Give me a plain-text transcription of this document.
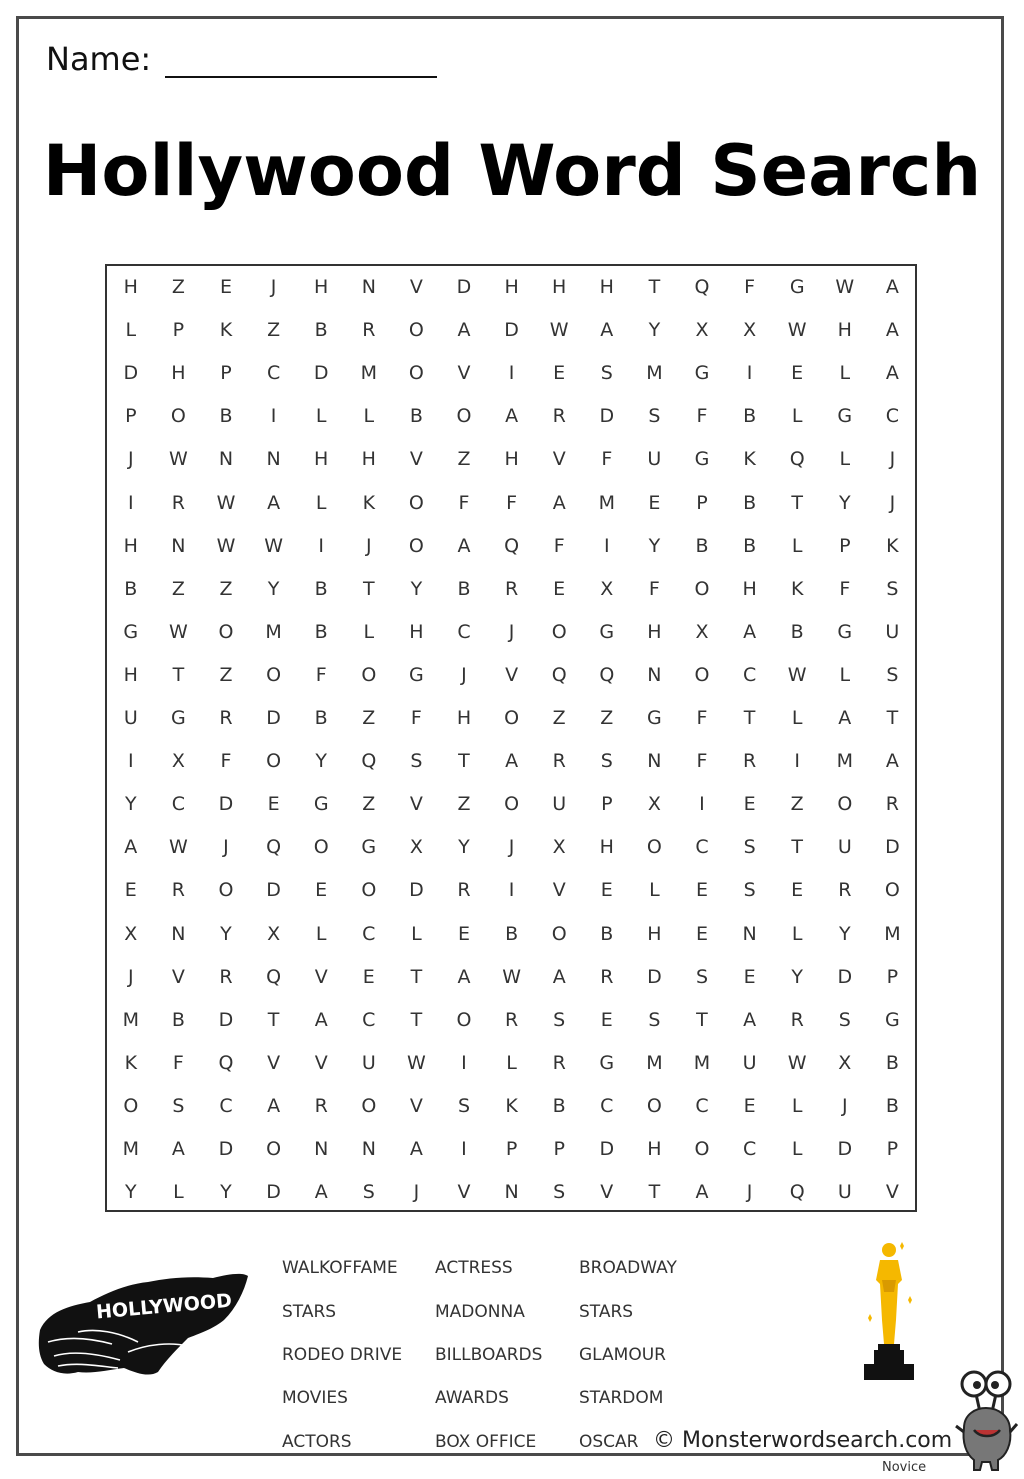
Name:
Hollywood Word Search
H	Z	E	J	H	N	V	D	H	H	H	T	Q	F	G	W	A
L	P	K	Z	B	R	O	A	D	W	A	Y	X	X	W	H	A
D	H	P	C	D	M	O	V	I	E	S	M	G	I	E	L	A
P	O	B	I	L	L	B	O	A	R	D	S	F	B	L	G	C
J	W	N	N	H	H	V	Z	H	V	F	U	G	K	Q	L	J
I	R	W	A	L	K	O	F	F	A	M	E	P	B	T	Y	J
H	N	W	W	I	J	O	A	Q	F	I	Y	B	B	L	P	K
B	Z	Z	Y	B	T	Y	B	R	E	X	F	O	H	K	F	S
G	W	O	M	B	L	H	C	J	O	G	H	X	A	B	G	U
H	T	Z	O	F	O	G	J	V	Q	Q	N	O	C	W	L	S
U	G	R	D	B	Z	F	H	O	Z	Z	G	F	T	L	A	T
I	X	F	O	Y	Q	S	T	A	R	S	N	F	R	I	M	A
Y	C	D	E	G	Z	V	Z	O	U	P	X	I	E	Z	O	R
A	W	J	Q	O	G	X	Y	J	X	H	O	C	S	T	U	D
E	R	O	D	E	O	D	R	I	V	E	L	E	S	E	R	O
X	N	Y	X	L	C	L	E	B	O	B	H	E	N	L	Y	M
J	V	R	Q	V	E	T	A	W	A	R	D	S	E	Y	D	P
M	B	D	T	A	C	T	O	R	S	E	S	T	A	R	S	G
K	F	Q	V	V	U	W	I	L	R	G	M	M	U	W	X	B
O	S	C	A	R	O	V	S	K	B	C	O	C	E	L	J	B
M	A	D	O	N	N	A	I	P	P	D	H	O	C	L	D	P
Y	L	Y	D	A	S	J	V	N	S	V	T	A	J	Q	U	V
HOLLYWOOD
WALKOFFAME
STARS
RODEO DRIVE
MOVIES
ACTORS
ACTRESS
MADONNA
BILLBOARDS
AWARDS
BOX OFFICE
BROADWAY
STARS
GLAMOUR
STARDOM
OSCAR © Monsterwordsearch.com
Novice
